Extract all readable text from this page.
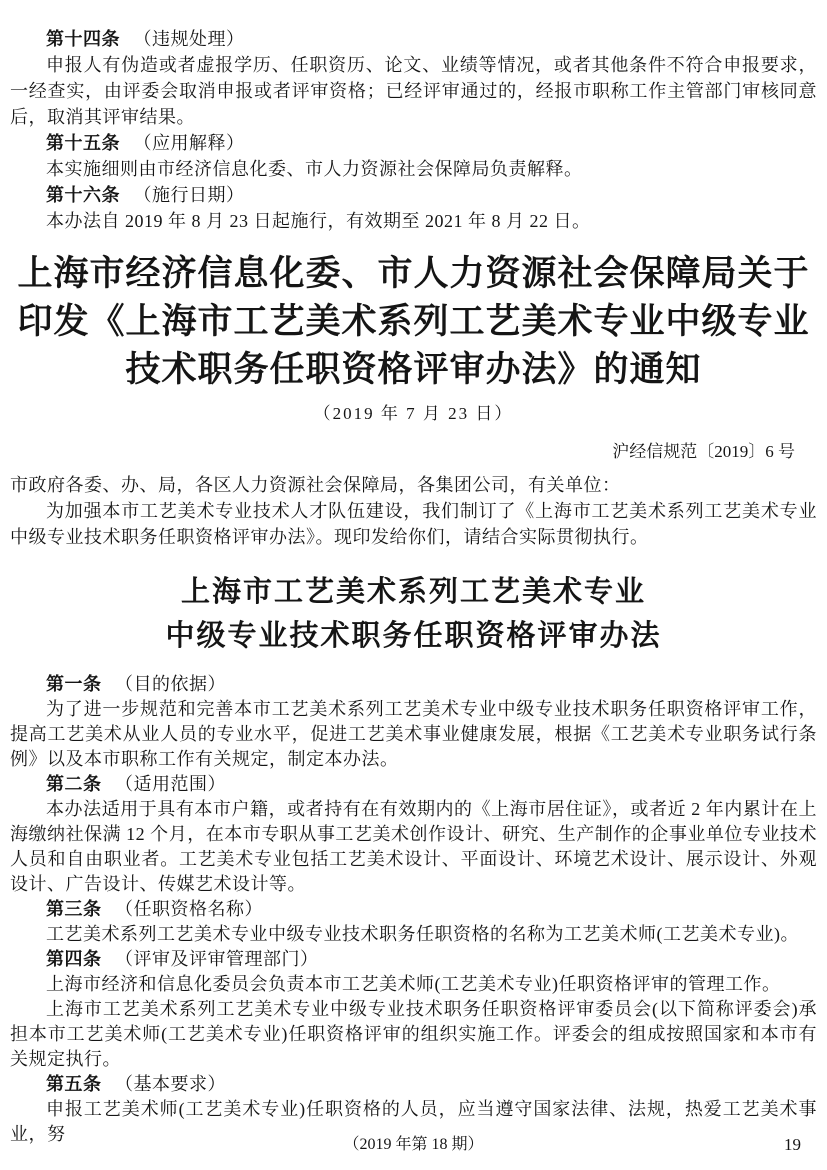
第十四条 （违规处理）

申报人有伪造或者虚报学历、任职资历、论文、业绩等情况，或者其他条件不符合申报要求，一经查实，由评委会取消申报或者评审资格；已经评审通过的，经报市职称工作主管部门审核同意后，取消其评审结果。

第十五条 （应用解释）

本实施细则由市经济信息化委、市人力资源社会保障局负责解释。

第十六条 （施行日期）

本办法自 2019 年 8 月 23 日起施行，有效期至 2021 年 8 月 22 日。

上海市经济信息化委、市人力资源社会保障局关于
印发《上海市工艺美术系列工艺美术专业中级专业
技术职务任职资格评审办法》的通知

（2019 年 7 月 23 日）

沪经信规范〔2019〕6 号

市政府各委、办、局，各区人力资源社会保障局，各集团公司，有关单位：

为加强本市工艺美术专业技术人才队伍建设，我们制订了《上海市工艺美术系列工艺美术专业中级专业技术职务任职资格评审办法》。现印发给你们，请结合实际贯彻执行。

上海市工艺美术系列工艺美术专业
中级专业技术职务任职资格评审办法

第一条 （目的依据）

为了进一步规范和完善本市工艺美术系列工艺美术专业中级专业技术职务任职资格评审工作，提高工艺美术从业人员的专业水平，促进工艺美术事业健康发展，根据《工艺美术专业职务试行条例》以及本市职称工作有关规定，制定本办法。

第二条 （适用范围）

本办法适用于具有本市户籍，或者持有在有效期内的《上海市居住证》，或者近 2 年内累计在上海缴纳社保满 12 个月，在本市专职从事工艺美术创作设计、研究、生产制作的企事业单位专业技术人员和自由职业者。工艺美术专业包括工艺美术设计、平面设计、环境艺术设计、展示设计、外观设计、广告设计、传媒艺术设计等。

第三条 （任职资格名称）

工艺美术系列工艺美术专业中级专业技术职务任职资格的名称为工艺美术师(工艺美术专业)。

第四条 （评审及评审管理部门）

上海市经济和信息化委员会负责本市工艺美术师(工艺美术专业)任职资格评审的管理工作。

上海市工艺美术系列工艺美术专业中级专业技术职务任职资格评审委员会(以下简称评委会)承担本市工艺美术师(工艺美术专业)任职资格评审的组织实施工作。评委会的组成按照国家和本市有关规定执行。

第五条 （基本要求）

申报工艺美术师(工艺美术专业)任职资格的人员，应当遵守国家法律、法规，热爱工艺美术事业，努

（2019 年第 18 期）	19
